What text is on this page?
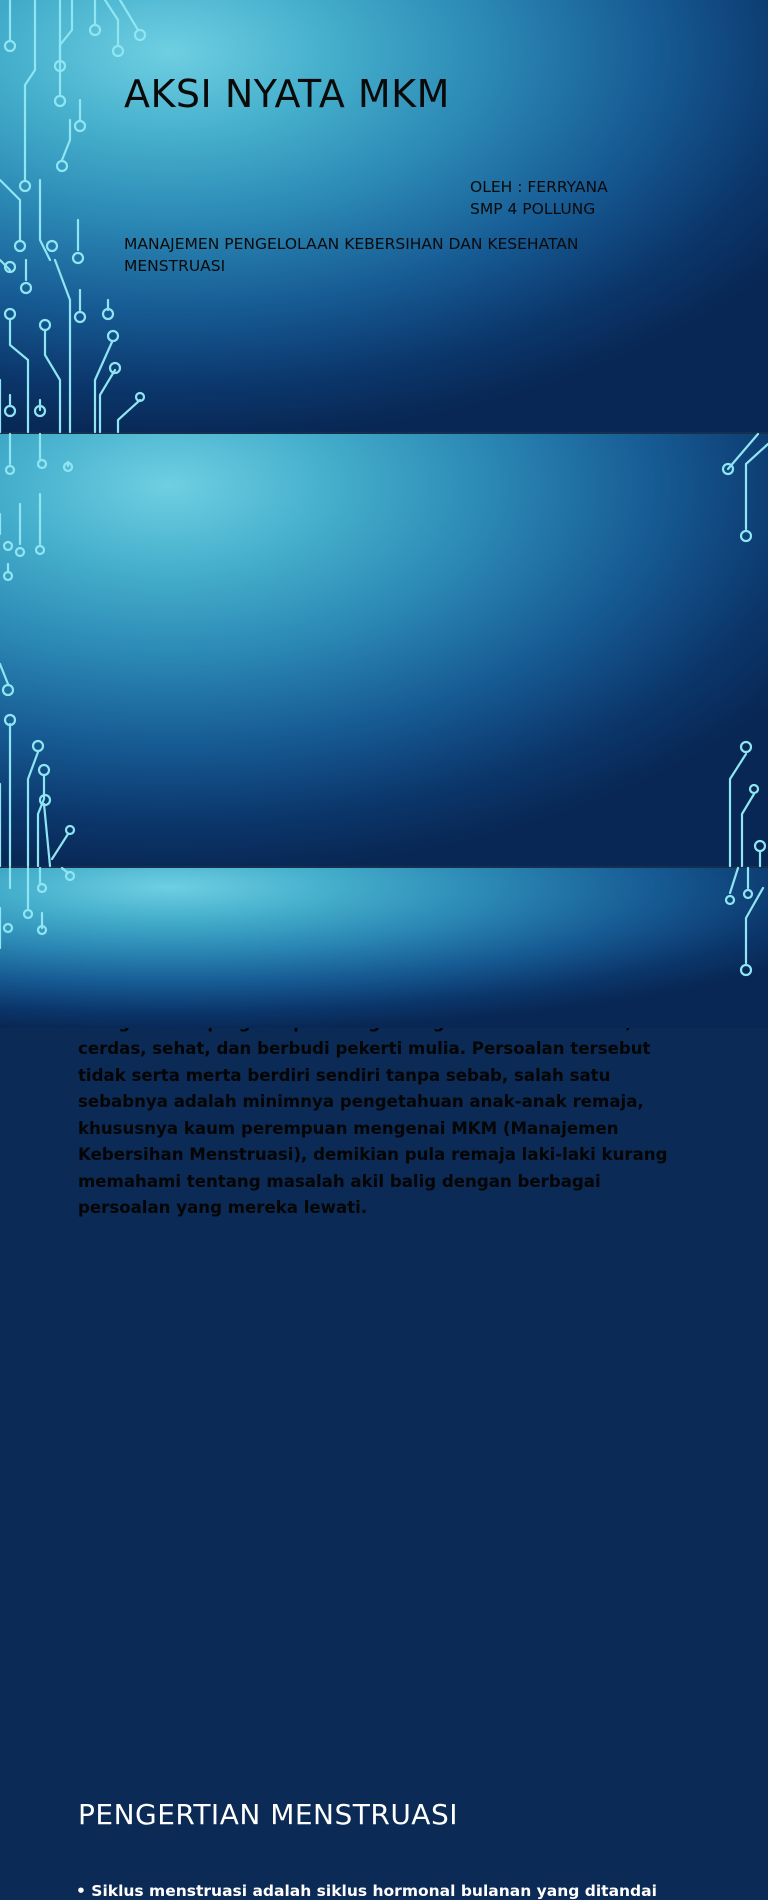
AKSI NYATA MKM
OLEH : FERRYANA
SMP 4 POLLUNG
MANAJEMEN PENGELOLAAN KEBERSIHAN DAN KESEHATAN MENSTRUASI
cerdas, sehat, dan berbudi pekerti mulia. Persoalan tersebut tidak serta merta berdiri sendiri tanpa sebab, salah satu sebabnya adalah minimnya pengetahuan anak-anak remaja, khususnya kaum perempuan mengenai MKM (Manajemen Kebersihan Menstruasi), demikian pula remaja laki-laki kurang memahami tentang masalah akil balig dengan berbagai persoalan yang mereka lewati.
PENGERTIAN MENSTRUASI
• Siklus menstruasi adalah siklus hormonal bulanan yang ditandai
